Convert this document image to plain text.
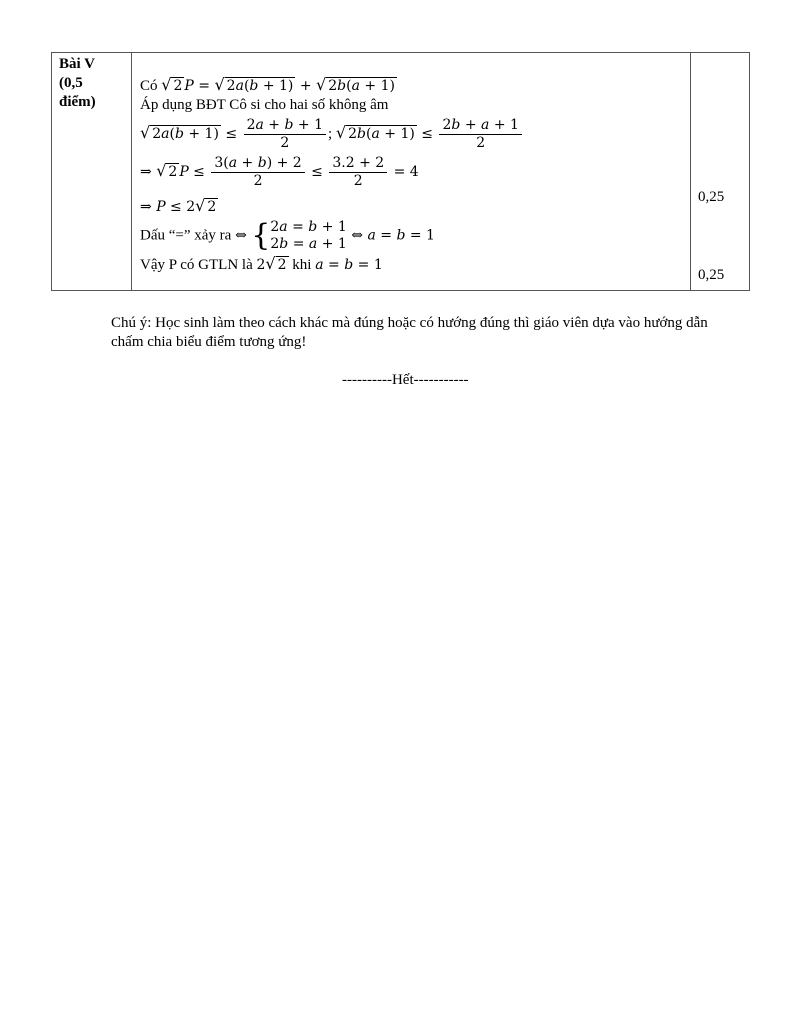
Bài V
(0,5
điểm)
Có √ 2 P = √ 2a(b + 1) + √ 2b(a + 1)
Áp dụng BĐT Cô si cho hai số không âm
√ $2a(b + 1) \le \frac{2a + b + 1}{2}$ ; √ $2b(a + 1) \le \frac{2b + a + 1}{2}$
⇒ √ 2 $P \le \frac{3(a + b) + 2}{2} \le \frac{3.2 + 2}{2} = 4$
⇒ P ≤ 2√ 2
Dấu “=” xảy ra ⇔ { 2a = b + 1
2b = a + 1
⇔ a = b = 1
Vậy P có GTLN là 2√ 2 khi a = b = 1
0,25
0,25
Chú ý: Học sinh làm theo cách khác mà đúng hoặc có hướng đúng thì giáo viên dựa vào hướng dẫn chấm chia biểu điểm tương ứng!
----------Hết-----------
